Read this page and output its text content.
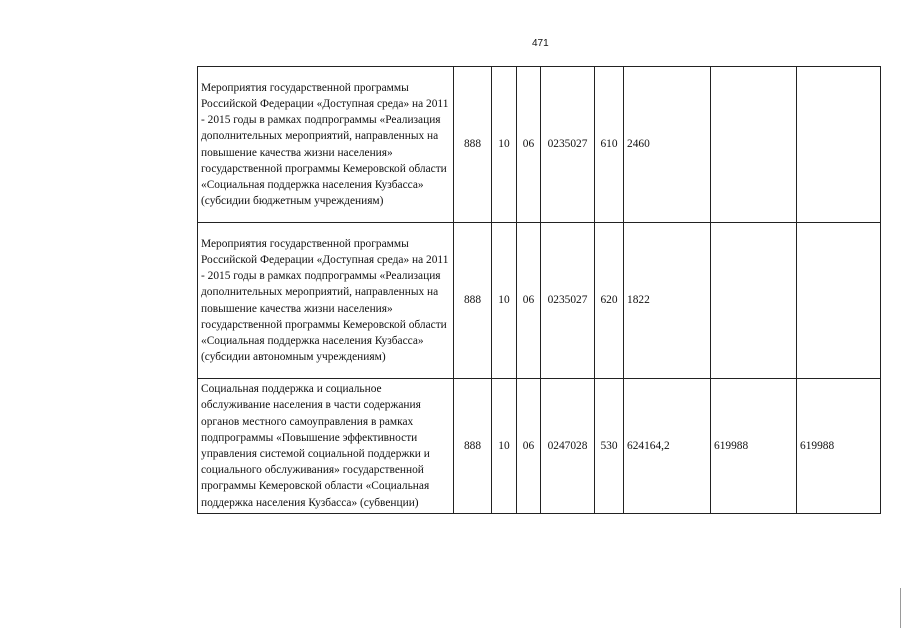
471
Мероприятия государственной программы Российской Федерации «Доступная среда» на 2011 - 2015 годы в рамках подпрограммы «Реализация дополнительных мероприятий, направленных на повышение качества жизни населения» государственной программы Кемеровской области «Социальная поддержка населения Кузбасса» (субсидии бюджетным учреждениям)	888	10	06	0235027	610	2460		
Мероприятия государственной программы Российской Федерации «Доступная среда» на 2011 - 2015 годы в рамках подпрограммы «Реализация дополнительных мероприятий, направленных на повышение качества жизни населения» государственной программы Кемеровской области «Социальная поддержка населения Кузбасса» (субсидии автономным учреждениям)	888	10	06	0235027	620	1822		
Социальная поддержка и социальное обслуживание населения в части содержания органов местного самоуправления в рамках подпрограммы «Повышение эффективности управления системой социальной поддержки и социального обслуживания» государственной программы Кемеровской области «Социальная поддержка населения Кузбасса» (субвенции)	888	10	06	0247028	530	624164,2	619988	619988
